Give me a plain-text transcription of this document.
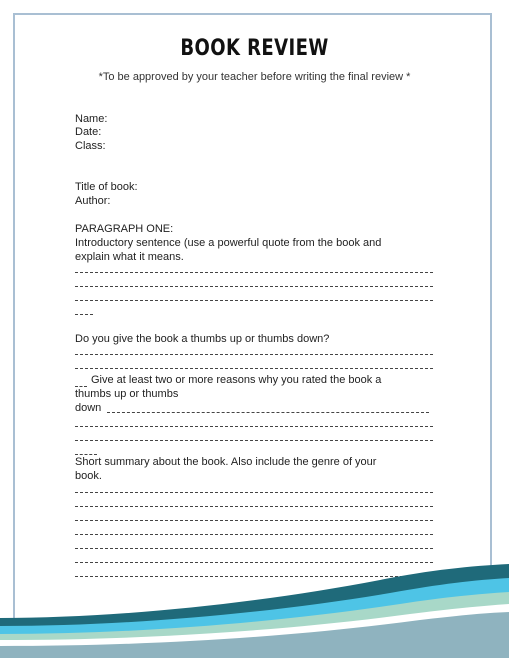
BOOK REVIEW
*To be approved by your teacher before writing the final review *
Name:
Date:
Class:
Title of book:
Author:
PARAGRAPH ONE:
Introductory sentence (use a powerful quote from the book and
explain what it means.
Do you give the book a thumbs up or thumbs down?
Give at least two or more reasons why you rated the book a
thumbs up or thumbs
down
Short summary about the book. Also include the genre of your
book.
